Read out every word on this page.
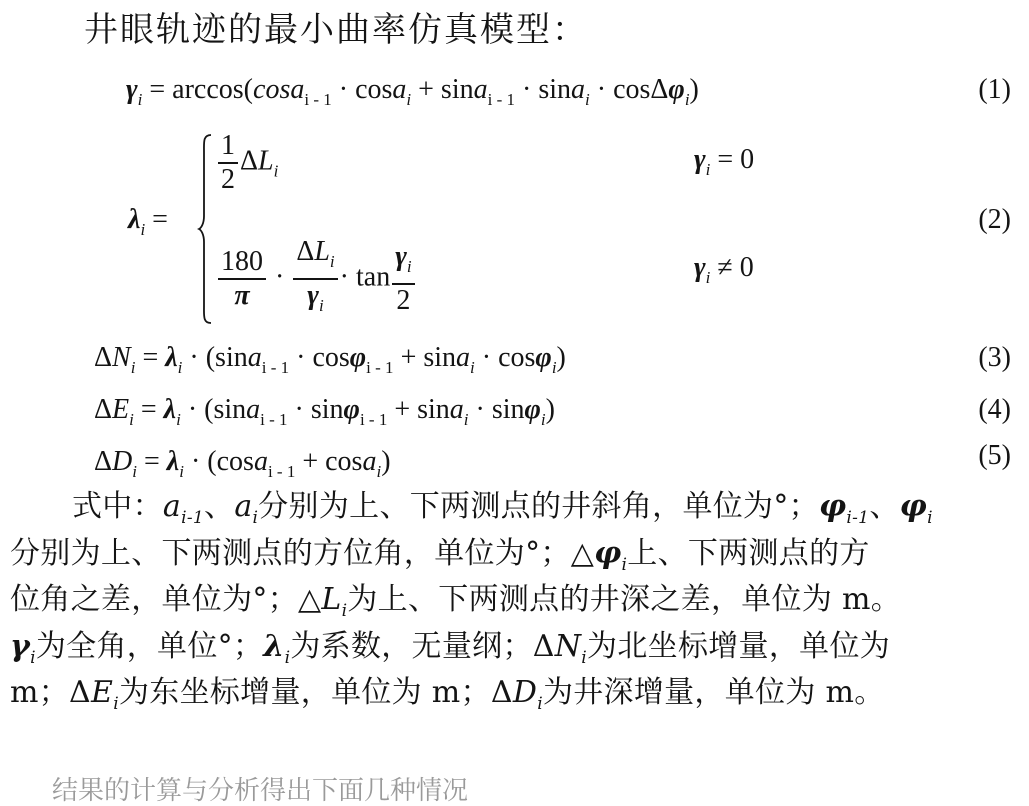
井眼轨迹的最小曲率仿真模型：
$\gamma_i = \arccos(\cos a_{i - 1} \cdot \cos a_i + \sin a_{i - 1} \cdot \sin a_i \cdot \cos\Delta\varphi_i)$	(1)
$\lambda_i$ =
$\frac{1}{2} \Delta L_i$	$\gamma_i = 0$
$\frac{180}{\pi} \cdot \frac{\Delta L_i}{\gamma_i} \cdot \tan \frac{\gamma_i}{2}$	$\gamma_i \ne 0$
(2)
$\Delta N_i = \lambda_i \cdot (\sin a_{i - 1} \cdot \cos\varphi_{i - 1} + \sin a_i \cdot \cos\varphi_i)$	(3)
$\Delta E_i = \lambda_i \cdot (\sin a_{i - 1} \cdot \sin\varphi_{i - 1} + \sin a_i \cdot \sin\varphi_i)$	(4)
$\Delta D_i = \lambda_i \cdot (\cos a_{i - 1} + \cos a_i)$	(5)
式中：$a_{i-1}$、$a_i$分别为上、下两测点的井斜角，单位为°；$\varphi_{i-1}$、$\varphi_i$
分别为上、下两测点的方位角，单位为°；$\triangle\varphi_i$上、下两测点的方
位角之差，单位为°；$\triangle L_i$为上、下两测点的井深之差，单位为 m。
$\gamma_i$为全角，单位°；$\lambda_i$为系数，无量纲；$\Delta N_i$为北坐标增量，单位为
m；$\Delta E_i$为东坐标增量，单位为 m；$\Delta D_i$为井深增量，单位为 m。
结果的计算与分析得出下面几种情况
